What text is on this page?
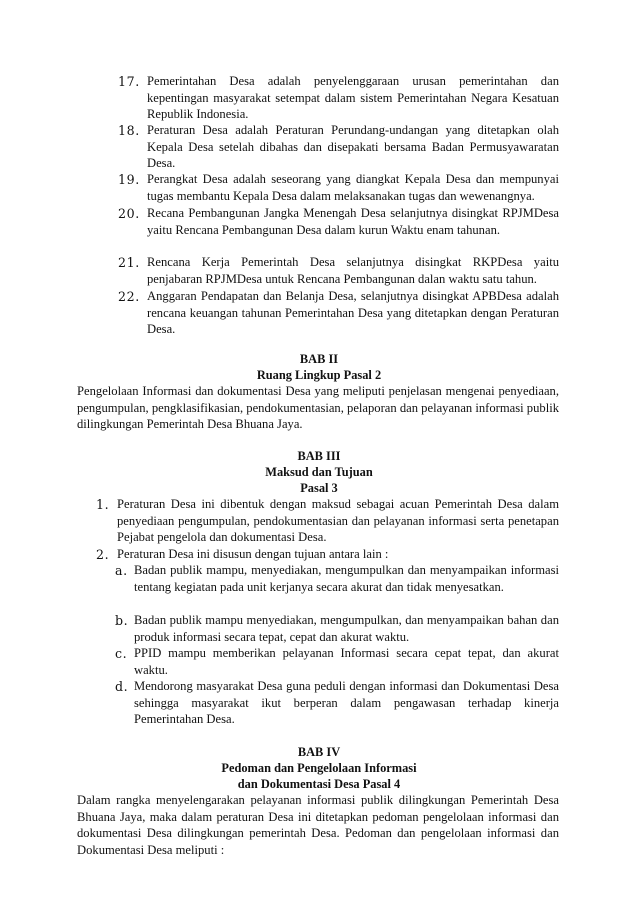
17. Pemerintahan Desa adalah penyelenggaraan urusan pemerintahan dan kepentingan masyarakat setempat dalam sistem Pemerintahan Negara Kesatuan Republik Indonesia.
18. Peraturan Desa adalah Peraturan Perundang-undangan yang ditetapkan olah Kepala Desa setelah dibahas dan disepakati bersama Badan Permusyawaratan Desa.
19. Perangkat Desa adalah seseorang yang diangkat Kepala Desa dan mempunyai tugas membantu Kepala Desa dalam melaksanakan tugas dan wewenangnya.
20. Recana Pembangunan Jangka Menengah Desa selanjutnya disingkat RPJMDesa yaitu Rencana Pembangunan Desa dalam kurun Waktu enam tahunan.
21. Rencana Kerja Pemerintah Desa selanjutnya disingkat RKPDesa yaitu penjabaran RPJMDesa untuk Rencana Pembangunan dalan waktu satu tahun.
22. Anggaran Pendapatan dan Belanja Desa, selanjutnya disingkat APBDesa adalah rencana keuangan tahunan Pemerintahan Desa yang ditetapkan dengan Peraturan Desa.
BAB II
Ruang Lingkup Pasal 2
Pengelolaan Informasi dan dokumentasi Desa yang meliputi penjelasan mengenai penyediaan, pengumpulan, pengklasifikasian, pendokumentasian, pelaporan dan pelayanan informasi publik dilingkungan Pemerintah Desa Bhuana Jaya.
BAB III
Maksud dan Tujuan
Pasal 3
1. Peraturan Desa ini dibentuk dengan maksud sebagai acuan Pemerintah Desa dalam penyediaan pengumpulan, pendokumentasian dan pelayanan informasi serta penetapan Pejabat pengelola dan dokumentasi Desa.
2. Peraturan Desa ini disusun dengan tujuan antara lain :
a. Badan publik mampu, menyediakan, mengumpulkan dan menyampaikan informasi tentang kegiatan pada unit kerjanya secara akurat dan tidak menyesatkan.
b. Badan publik mampu menyediakan, mengumpulkan, dan menyampaikan bahan dan produk informasi secara tepat, cepat dan akurat waktu.
c. PPID mampu memberikan pelayanan Informasi secara cepat tepat, dan akurat waktu.
d. Mendorong masyarakat Desa guna peduli dengan informasi dan Dokumentasi Desa sehingga masyarakat ikut berperan dalam pengawasan terhadap kinerja Pemerintahan Desa.
BAB IV
Pedoman dan Pengelolaan Informasi
dan Dokumentasi Desa Pasal 4
Dalam rangka menyelengarakan pelayanan informasi publik dilingkungan Pemerintah Desa Bhuana Jaya, maka dalam peraturan Desa ini ditetapkan pedoman pengelolaan informasi dan dokumentasi Desa dilingkungan pemerintah Desa. Pedoman dan pengelolaan informasi dan Dokumentasi Desa meliputi :
